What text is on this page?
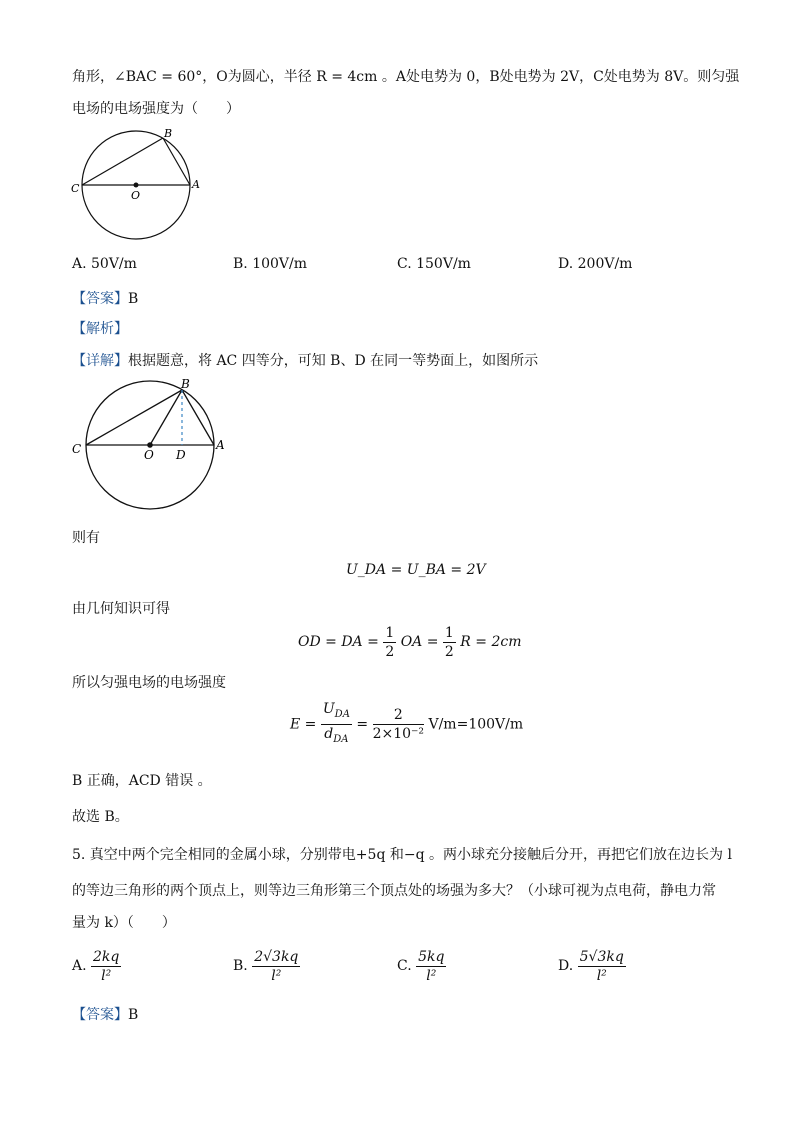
角形，∠BAC = 60°，O为圆心，半径 R = 4cm 。A处电势为 0，B处电势为 2V，C处电势为 8V。则匀强
电场的电场强度为（　　）
B
C
O
A
A. 50V/m	B. 100V/m	C. 150V/m	D. 200V/m
【答案】B
【解析】
【详解】根据题意，将 AC 四等分，可知 B、D 在同一等势面上，如图所示
B
C	O D
A
则有
U_DA = U_BA = 2V
由几何知识可得
OD = DA = $\frac{1}{2}$ OA = $\frac{1}{2}$ R = 2cm
所以匀强电场的电场强度
$E = \frac{U_{DA}}{d_{DA}} = \frac{2}{\text{2×10⁻²}} V/m=100V/m$
B 正确，ACD 错误 。
故选 B。
5. 真空中两个完全相同的金属小球，分别带电+5q 和−q 。两小球充分接触后分开，再把它们放在边长为 l
的等边三角形的两个顶点上，则等边三角形第三个顶点处的场强为多大？（小球可视为点电荷，静电力常
量为 k）（　　）
A. $\frac{2kq}{\text{l²}}$	B. $\frac{2√3kq}{\text{l²}}$	C. $\frac{5kq}{\text{l²}}$	D. $\frac{5√3kq}{\text{l²}}$
【答案】B
